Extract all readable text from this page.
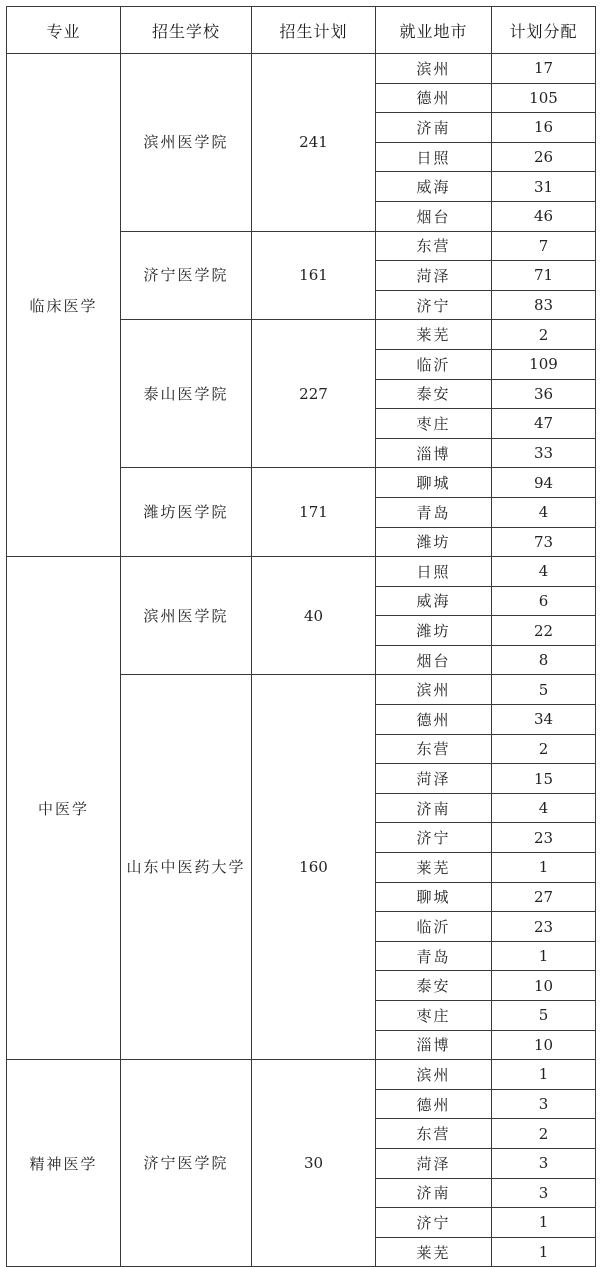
专业	招生学校	招生计划	就业地市	计划分配
临床医学	滨州医学院	241	滨州	17
			德州	105
			济南	16
			日照	26
			威海	31
			烟台	46
	济宁医学院	161	东营	7
			菏泽	71
			济宁	83
	泰山医学院	227	莱芜	2
			临沂	109
			泰安	36
			枣庄	47
			淄博	33
	潍坊医学院	171	聊城	94
			青岛	4
			潍坊	73
中医学	滨州医学院	40	日照	4
			威海	6
			潍坊	22
			烟台	8
	山东中医药大学	160	滨州	5
			德州	34
			东营	2
			菏泽	15
			济南	4
			济宁	23
			莱芜	1
			聊城	27
			临沂	23
			青岛	1
			泰安	10
			枣庄	5
			淄博	10
精神医学	济宁医学院	30	滨州	1
			德州	3
			东营	2
			菏泽	3
			济南	3
			济宁	1
			莱芜	1
